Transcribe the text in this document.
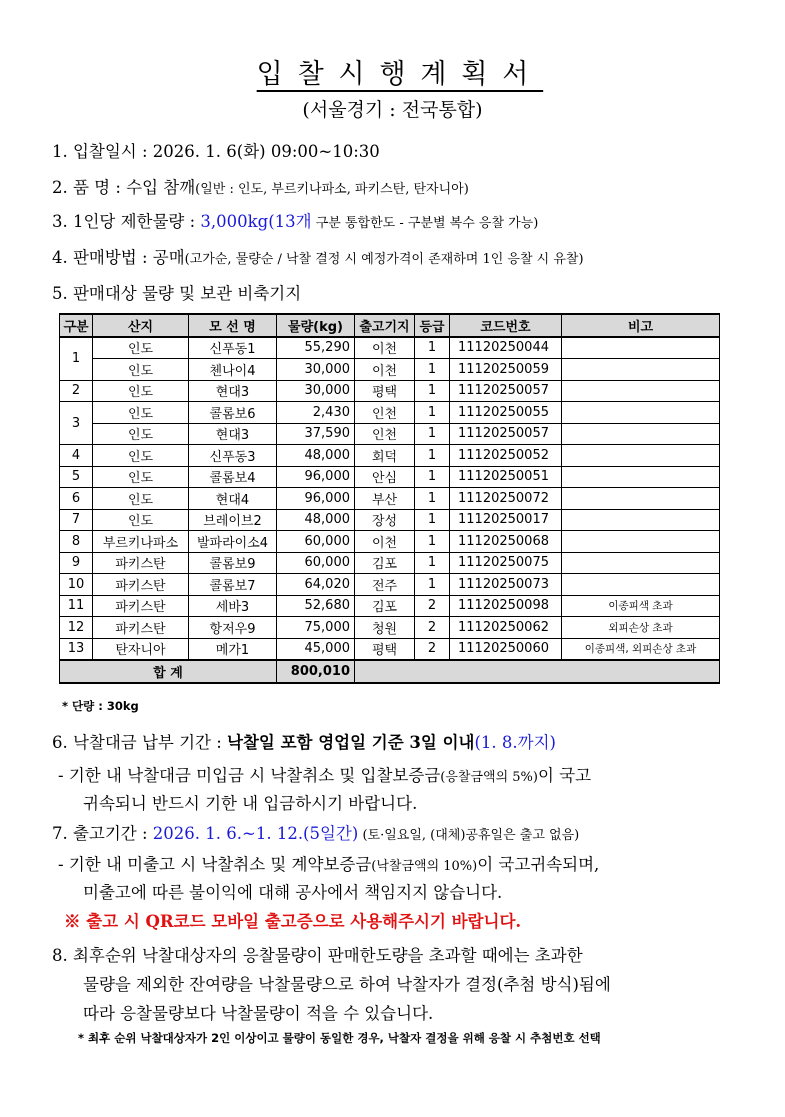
입찰시행계획서
(서울경기 : 전국통합)
1. 입찰일시 : 2026. 1. 6(화) 09:00~10:30
2. 품 명 : 수입 참깨(일반 : 인도, 부르키나파소, 파키스탄, 탄자니아)
3. 1인당 제한물량 : 3,000kg(13개 구분 통합한도 - 구분별 복수 응찰 가능)
4. 판매방법 : 공매(고가순, 물량순 / 낙찰 결정 시 예정가격이 존재하며 1인 응찰 시 유찰)
5. 판매대상 물량 및 보관 비축기지
구분	산지	모 선 명	물량(kg)	출고기지	등급	코드번호	비고
1	인도	신푸동1	55,290	이천	1	11120250044	
	인도	첸나이4	30,000	이천	1	11120250059	
2	인도	현대3	30,000	평택	1	11120250057	
3	인도	콜롬보6	2,430	인천	1	11120250055	
	인도	현대3	37,590	인천	1	11120250057	
4	인도	신푸동3	48,000	회덕	1	11120250052	
5	인도	콜롬보4	96,000	안심	1	11120250051	
6	인도	현대4	96,000	부산	1	11120250072	
7	인도	브레이브2	48,000	장성	1	11120250017	
8	부르키나파소	발파라이소4	60,000	이천	1	11120250068	
9	파키스탄	콜롬보9	60,000	김포	1	11120250075	
10	파키스탄	콜롬보7	64,020	전주	1	11120250073	
11	파키스탄	세바3	52,680	김포	2	11120250098	이종피색 초과
12	파키스탄	항저우9	75,000	청원	2	11120250062	외피손상 초과
13	탄자니아	메가1	45,000	평택	2	11120250060	이종피색, 외피손상 초과
합 계			800,010				
* 단량 : 30kg
6. 낙찰대금 납부 기간 : 낙찰일 포함 영업일 기준 3일 이내(1. 8.까지)
- 기한 내 낙찰대금 미입금 시 낙찰취소 및 입찰보증금(응찰금액의 5%)이 국고
귀속되니 반드시 기한 내 입금하시기 바랍니다.
7. 출고기간 : 2026. 1. 6.~1. 12.(5일간) (토·일요일, (대체)공휴일은 출고 없음)
- 기한 내 미출고 시 낙찰취소 및 계약보증금(낙찰금액의 10%)이 국고귀속되며,
미출고에 따른 불이익에 대해 공사에서 책임지지 않습니다.
※ 출고 시 QR코드 모바일 출고증으로 사용해주시기 바랍니다.
8. 최후순위 낙찰대상자의 응찰물량이 판매한도량을 초과할 때에는 초과한
물량을 제외한 잔여량을 낙찰물량으로 하여 낙찰자가 결정(추첨 방식)됨에
따라 응찰물량보다 낙찰물량이 적을 수 있습니다.
* 최후 순위 낙찰대상자가 2인 이상이고 물량이 동일한 경우, 낙찰자 결정을 위해 응찰 시 추첨번호 선택
